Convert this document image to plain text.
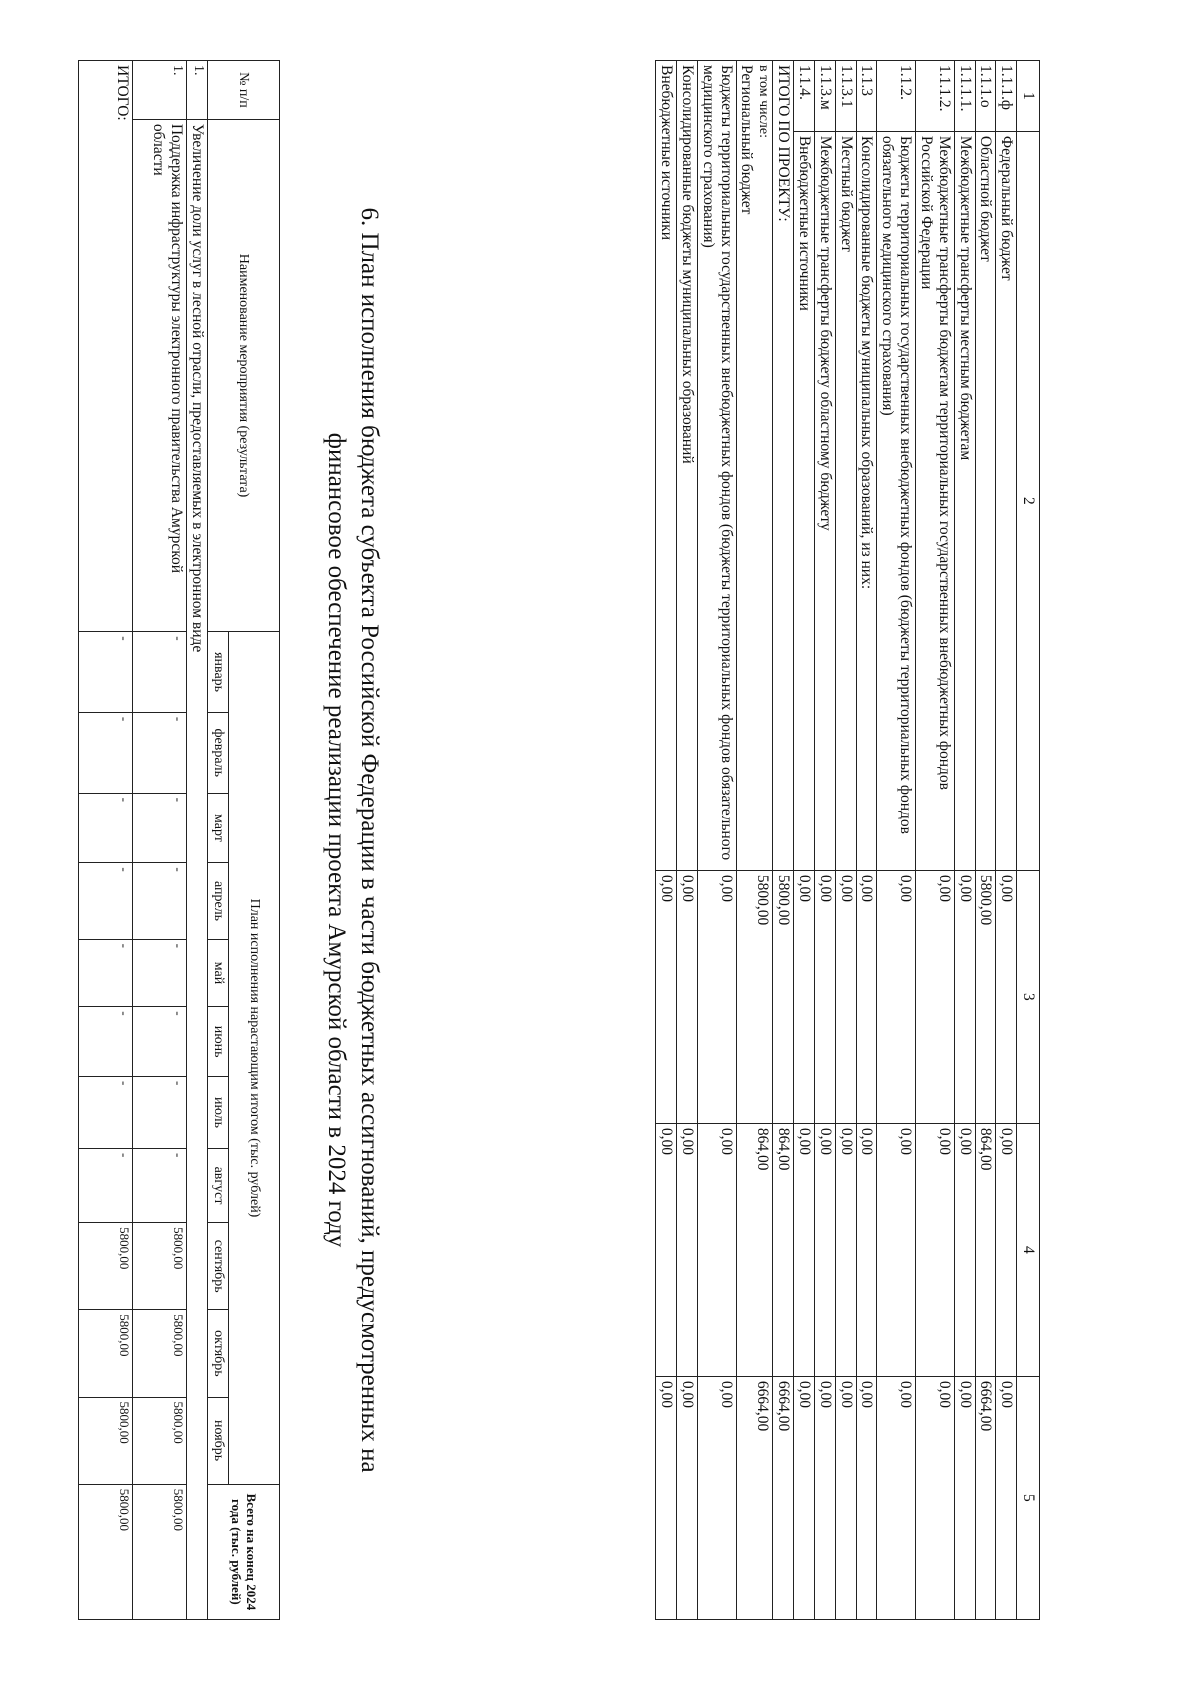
1	2	3	4	5
1.1.1.ф	Федеральный бюджет	0,00	0,00	0,00
1.1.1.о	Областной бюджет	5800,00	864,00	6664,00
1.1.1.1.	Межбюджетные трансферты местным бюджетам	0,00	0,00	0,00
1.1.1.2.	Межбюджетные трансферты бюджетам территориальных государственных внебюджетных фондов Российской Федерации	0,00	0,00	0,00
1.1.2.	Бюджеты территориальных государственных внебюджетных фондов (бюджеты территориальных фондов обязательного медицинского страхования)	0,00	0,00	0,00
1.1.3	Консолидированные бюджеты муниципальных образований, из них:	0,00	0,00	0,00
1.1.3.1	Местный бюджет	0,00	0,00	0,00
1.1.3.м	Межбюджетные трансферты бюджету областному бюджету	0,00	0,00	0,00
1.1.4.	Внебюджетные источники	0,00	0,00	0,00
ИТОГО ПО ПРОЕКТУ:		5800,00	864,00	6664,00

в том числе:
Региональный бюджет		5800,00	864,00	6664,00
Бюджеты территориальных государственных внебюджетных фондов (бюджеты территориальных фондов обязательного медицинского страхования)		0,00	0,00	0,00
Консолидированные бюджеты муниципальных образований		0,00	0,00	0,00
Внебюджетные источники		0,00	0,00	0,00
6. План исполнения бюджета субъекта Российской Федерации в части бюджетных ассигнований, предусмотренных на
финансовое обеспечение реализации проекта Амурской области в 2024 году
№ п/п	Наименование мероприятия (результата)	План исполнения нарастающим итогом (тыс. рублей)											Всего на конец 2024 года (тыс. рублей)
		январь	февраль	март	апрель	май	июнь	июль	август	сентябрь	октябрь	ноябрь	
1.	Увеличение доли услуг в лесной отрасли, предоставляемых в электронном виде												
1.	Поддержка инфраструктуры электронного правительства Амурской области	-	-	-	-	-	-	-	-	5800,00	5800,00	5800,00	5800,00
ИТОГО:		-	-	-	-	-	-	-	-	5800,00	5800,00	5800,00	5800,00
